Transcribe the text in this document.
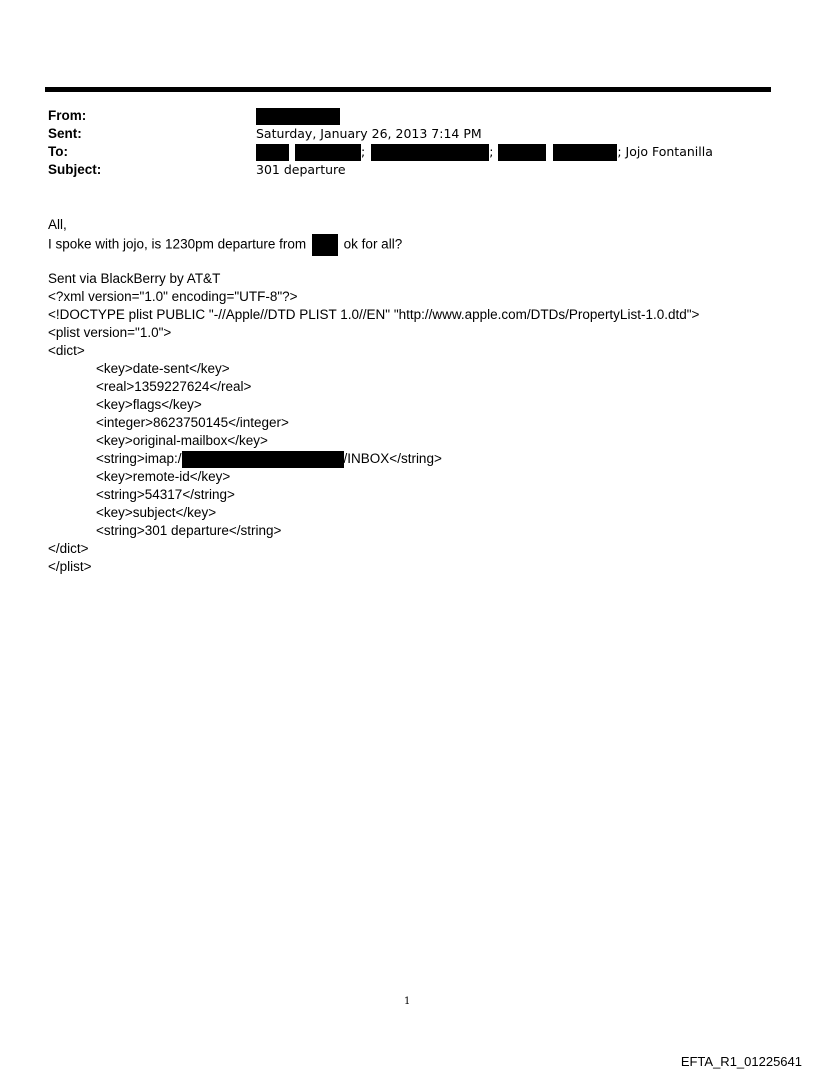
From:
Sent:	Saturday, January 26, 2013 7:14 PM
To:	;	;	; Jojo Fontanilla
Subject:	301 departure
All,
I spoke with jojo, is 1230pm departure from	ok for all?
Sent via BlackBerry by AT&T
<?xml version="1.0" encoding="UTF-8"?>
<!DOCTYPE plist PUBLIC "-//Apple//DTD PLIST 1.0//EN" "http://www.apple.com/DTDs/PropertyList-1.0.dtd">
<plist version="1.0">
<dict>
<key>date-sent</key>
<real>1359227624</real>
<key>flags</key>
<integer>8623750145</integer>
<key>original-mailbox</key>
<string>imap:/	/INBOX</string>
<key>remote-id</key>
<string>54317</string>
<key>subject</key>
<string>301 departure</string>
</dict>
</plist>
1
EFTA_R1_01225641
